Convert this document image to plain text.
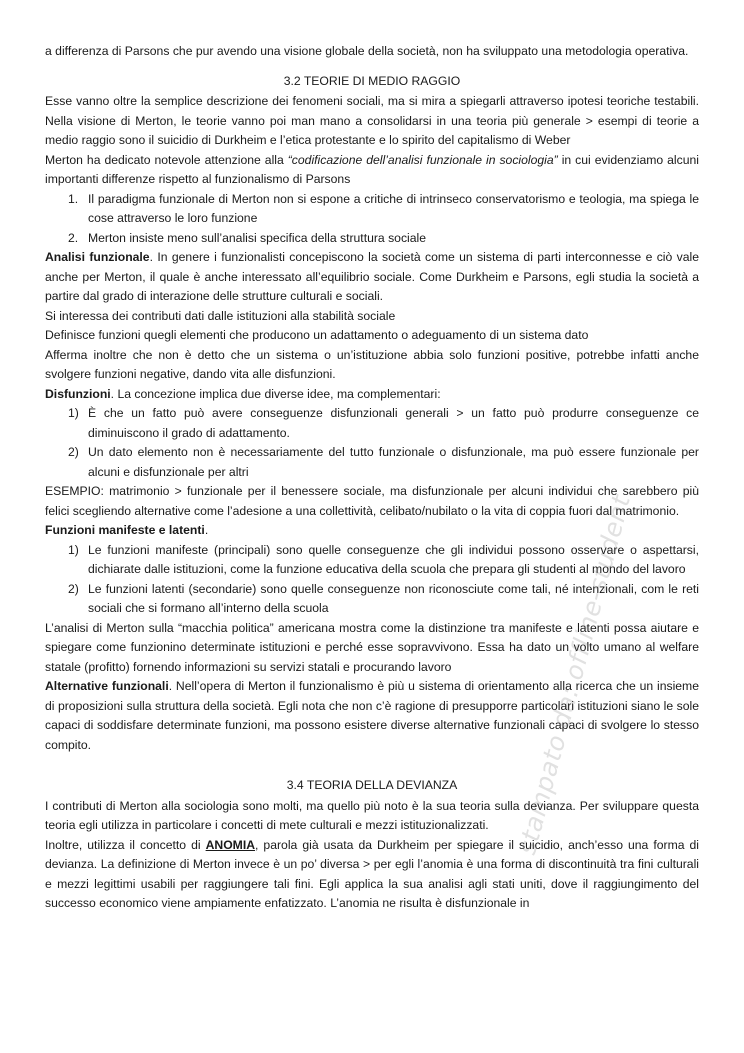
a differenza di Parsons che pur avendo una visione globale della società, non ha sviluppato una metodologia operativa.

3.2 TEORIE DI MEDIO RAGGIO

Esse vanno oltre la semplice descrizione dei fenomeni sociali, ma si mira a spiegarli attraverso ipotesi teoriche testabili. Nella visione di Merton, le teorie vanno poi man mano a consolidarsi in una teoria più generale > esempi di teorie a medio raggio sono il suicidio di Durkheim e l’etica protestante e lo spirito del capitalismo di Weber

Merton ha dedicato notevole attenzione alla “codificazione dell’analisi funzionale in sociologia” in cui evidenziamo alcuni importanti differenze rispetto al funzionalismo di Parsons

1. Il paradigma funzionale di Merton non si espone a critiche di intrinseco conservatorismo e teologia, ma spiega le cose attraverso le loro funzione
2. Merton insiste meno sull’analisi specifica della struttura sociale

Analisi funzionale. In genere i funzionalisti concepiscono la società come un sistema di parti interconnesse e ciò vale anche per Merton, il quale è anche interessato all’equilibrio sociale. Come Durkheim e Parsons, egli studia la società a partire dal grado di interazione delle strutture culturali e sociali.

Si interessa dei contributi dati dalle istituzioni alla stabilità sociale

Definisce funzioni quegli elementi che producono un adattamento o adeguamento di un sistema dato

Afferma inoltre che non è detto che un sistema o un’istituzione abbia solo funzioni positive, potrebbe infatti anche svolgere funzioni negative, dando vita alle disfunzioni.

Disfunzioni. La concezione implica due diverse idee, ma complementari:

1) È che un fatto può avere conseguenze disfunzionali generali > un fatto può produrre conseguenze ce diminuiscono il grado di adattamento.
2) Un dato elemento non è necessariamente del tutto funzionale o disfunzionale, ma può essere funzionale per alcuni e disfunzionale per altri

ESEMPIO: matrimonio > funzionale per il benessere sociale, ma disfunzionale per alcuni individui che sarebbero più felici scegliendo alternative come l’adesione a una collettività, celibato/nubilato o la vita di coppia fuori dal matrimonio.

Funzioni manifeste e latenti.

1) Le funzioni manifeste (principali) sono quelle conseguenze che gli individui possono osservare o aspettarsi, dichiarate dalle istituzioni, come la funzione educativa della scuola che prepara gli studenti al mondo del lavoro
2) Le funzioni latenti (secondarie) sono quelle conseguenze non riconosciute come tali, né intenzionali, com le reti sociali che si formano all’interno della scuola

L’analisi di Merton sulla “macchia politica” americana mostra come la distinzione tra manifeste e latenti possa aiutare e spiegare come funzionino determinate istituzioni e perché esse sopravvivono. Essa ha dato un volto umano al welfare statale (profitto) fornendo informazioni su servizi statali e procurando lavoro

Alternative funzionali. Nell’opera di Merton il funzionalismo è più u sistema di orientamento alla ricerca che un insieme di proposizioni sulla struttura della società. Egli nota che non c’è ragione di presupporre particolari istituzioni siano le sole capaci di soddisfare determinate funzioni, ma possono esistere diverse alternative funzionali capaci di svolgere lo stesso compito.

3.4 TEORIA DELLA DEVIANZA

I contributi di Merton alla sociologia sono molti, ma quello più noto è la sua teoria sulla devianza. Per sviluppare questa teoria egli utilizza in particolare i concetti di mete culturali e mezzi istituzionalizzati.

Inoltre, utilizza il concetto di ANOMIA, parola già usata da Durkheim per spiegare il suicidio, anch’esso una forma di devianza. La definizione di Merton invece è un po’ diversa > per egli l’anomia è una forma di discontinuità tra fini culturali e mezzi legittimi usabili per raggiungere tali fini. Egli applica la sua analisi agli stati uniti, dove il raggiungimento del successo economico viene ampiamente enfatizzato. L’anomia ne risulta è disfunzionale in

stampato da: offline-student
